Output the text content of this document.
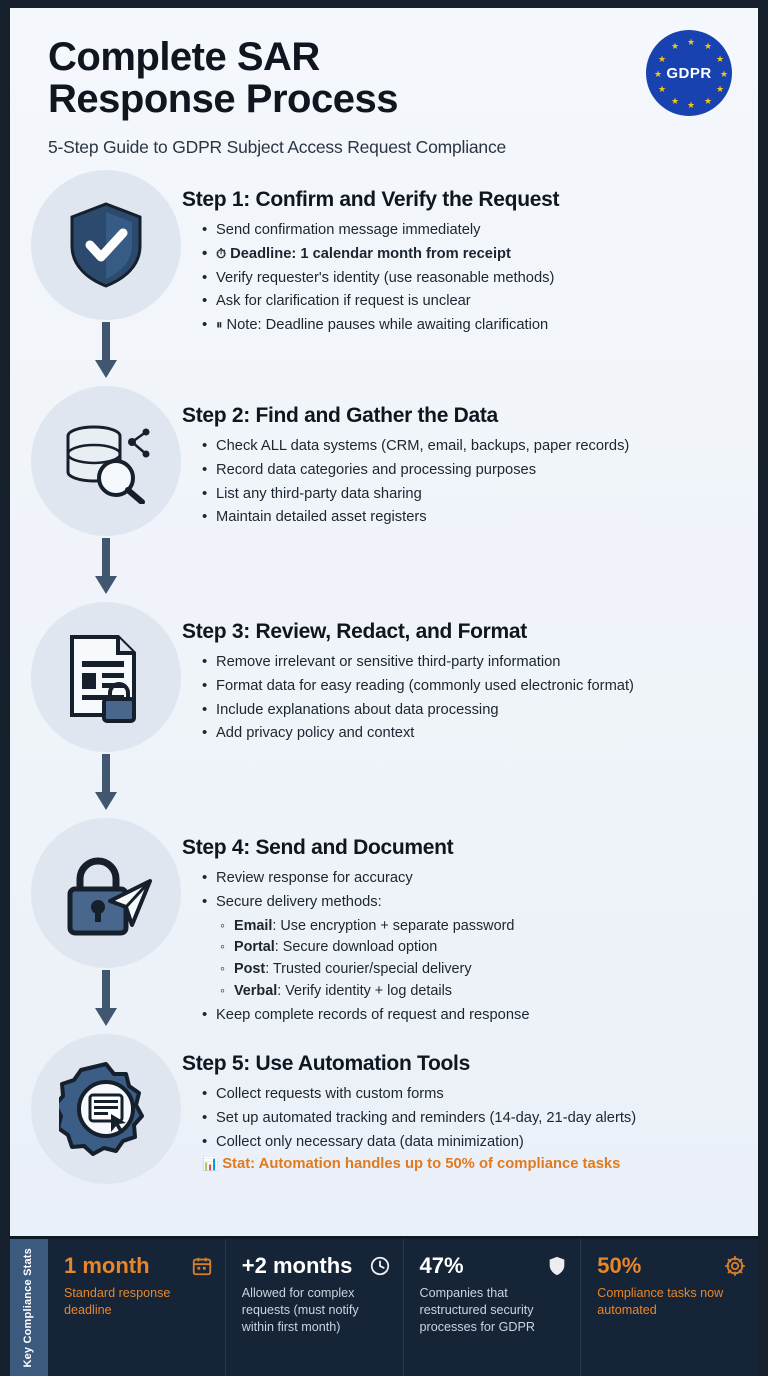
Complete SAR
Response Process
5-Step Guide to GDPR Subject Access Request Compliance
★ ★
★
★
★
★
★
★
★
★
★
★
GDPR
Step 1: Confirm and Verify the Request
• Send confirmation message immediately
• ⏱ Deadline: 1 calendar month from receipt
• Verify requester's identity (use reasonable methods)
• Ask for clarification if request is unclear
• ⏸ Note: Deadline pauses while awaiting clarification
Step 2: Find and Gather the Data
• Check ALL data systems (CRM, email, backups, paper records)
• Record data categories and processing purposes
• List any third-party data sharing
• Maintain detailed asset registers
Step 3: Review, Redact, and Format
• Remove irrelevant or sensitive third-party information
• Format data for easy reading (commonly used electronic format)
• Include explanations about data processing
• Add privacy policy and context
Step 4: Send and Document
• Review response for accuracy
• Secure delivery methods:
◦ Email: Use encryption + separate password
◦ Portal: Secure download option
◦ Post: Trusted courier/special delivery
◦ Verbal: Verify identity + log details
• Keep complete records of request and response
Step 5: Use Automation Tools
• Collect requests with custom forms
• Set up automated tracking and reminders (14-day, 21-day alerts)
• Collect only necessary data (data minimization)
📊 Stat: Automation handles up to 50% of compliance tasks
Key Compliance Stats 1 month
Standard response deadline
+2 months
Allowed for complex requests (must notify within first month)
47%
Companies that restructured security processes for GDPR
50%
Compliance tasks now automated
